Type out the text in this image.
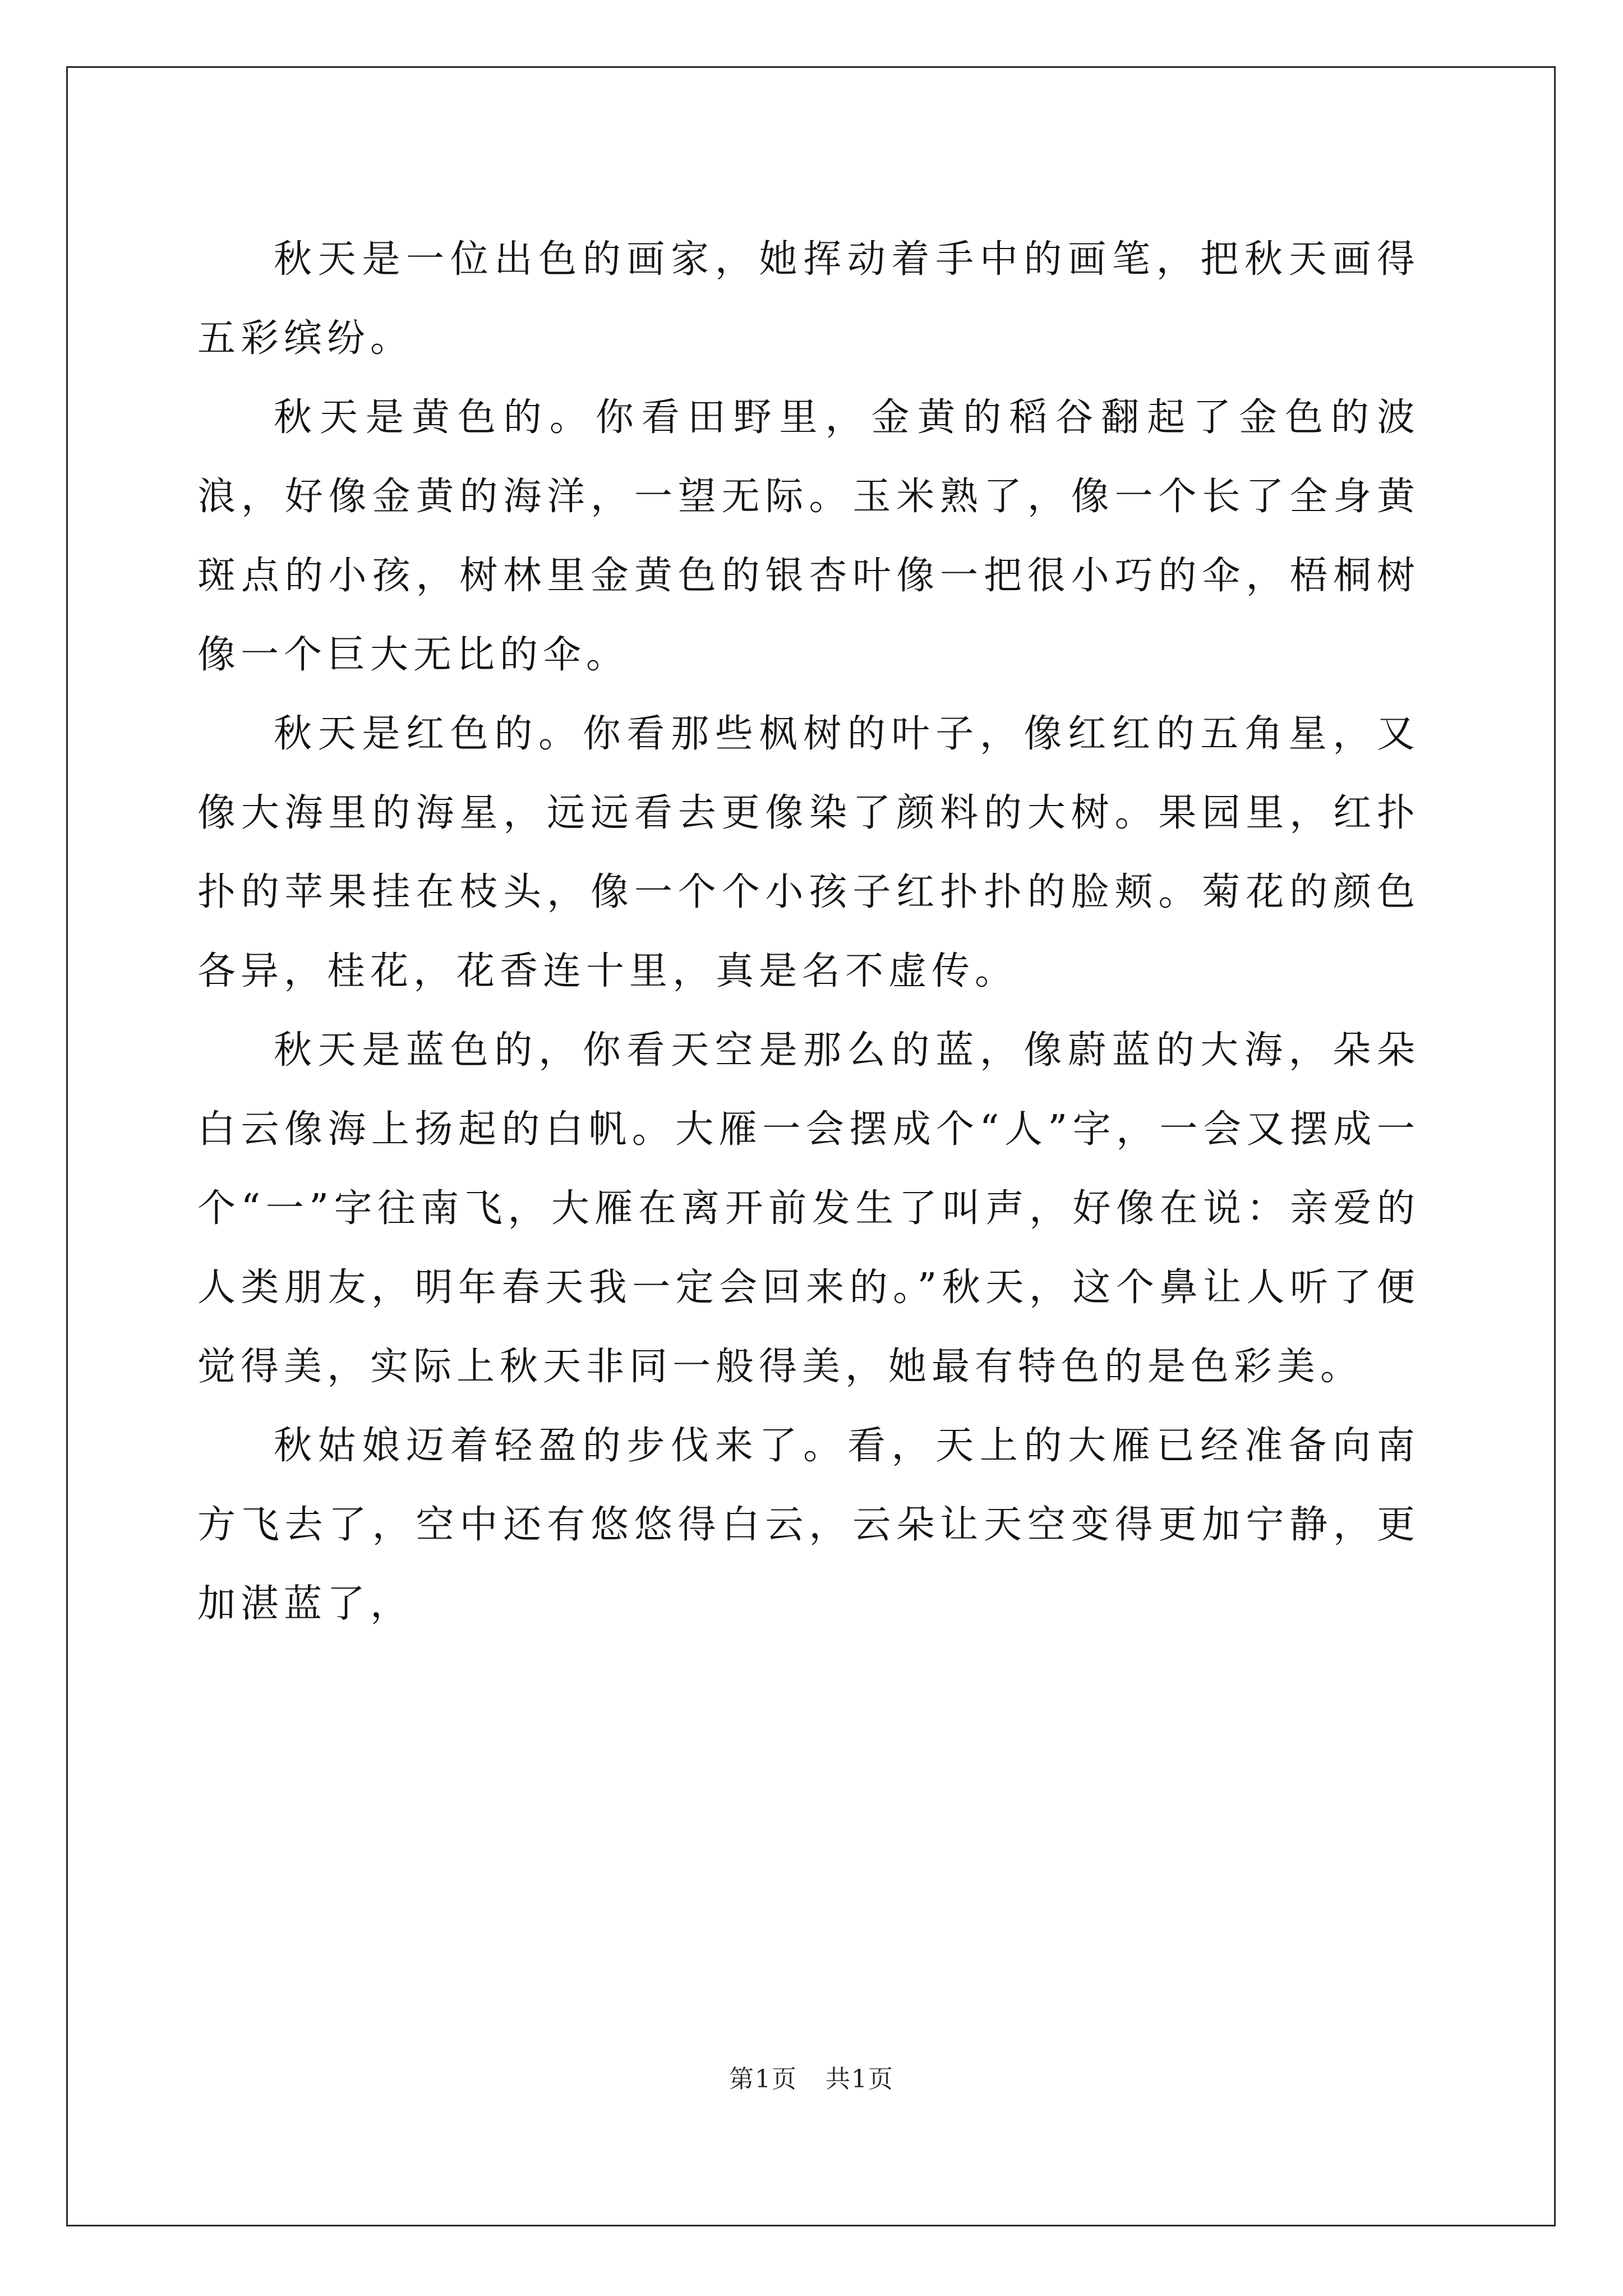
秋天是一位出色的画家，她挥动着手中的画笔，把秋天画得五彩缤纷。

秋天是黄色的。你看田野里，金黄的稻谷翻起了金色的波浪，好像金黄的海洋，一望无际。玉米熟了，像一个长了全身黄斑点的小孩，树林里金黄色的银杏叶像一把很小巧的伞，梧桐树像一个巨大无比的伞。

秋天是红色的。你看那些枫树的叶子，像红红的五角星，又像大海里的海星，远远看去更像染了颜料的大树。果园里，红扑扑的苹果挂在枝头，像一个个小孩子红扑扑的脸颊。菊花的颜色各异，桂花，花香连十里，真是名不虚传。

秋天是蓝色的，你看天空是那么的蓝，像蔚蓝的大海，朵朵白云像海上扬起的白帆。大雁一会摆成个“人”字，一会又摆成一个“一”字往南飞，大雁在离开前发生了叫声，好像在说：亲爱的人类朋友，明年春天我一定会回来的。”秋天，这个鼻让人听了便觉得美，实际上秋天非同一般得美，她最有特色的是色彩美。

秋姑娘迈着轻盈的步伐来了。看，天上的大雁已经准备向南方飞去了，空中还有悠悠得白云，云朵让天空变得更加宁静，更加湛蓝了，

第1页 共1页
